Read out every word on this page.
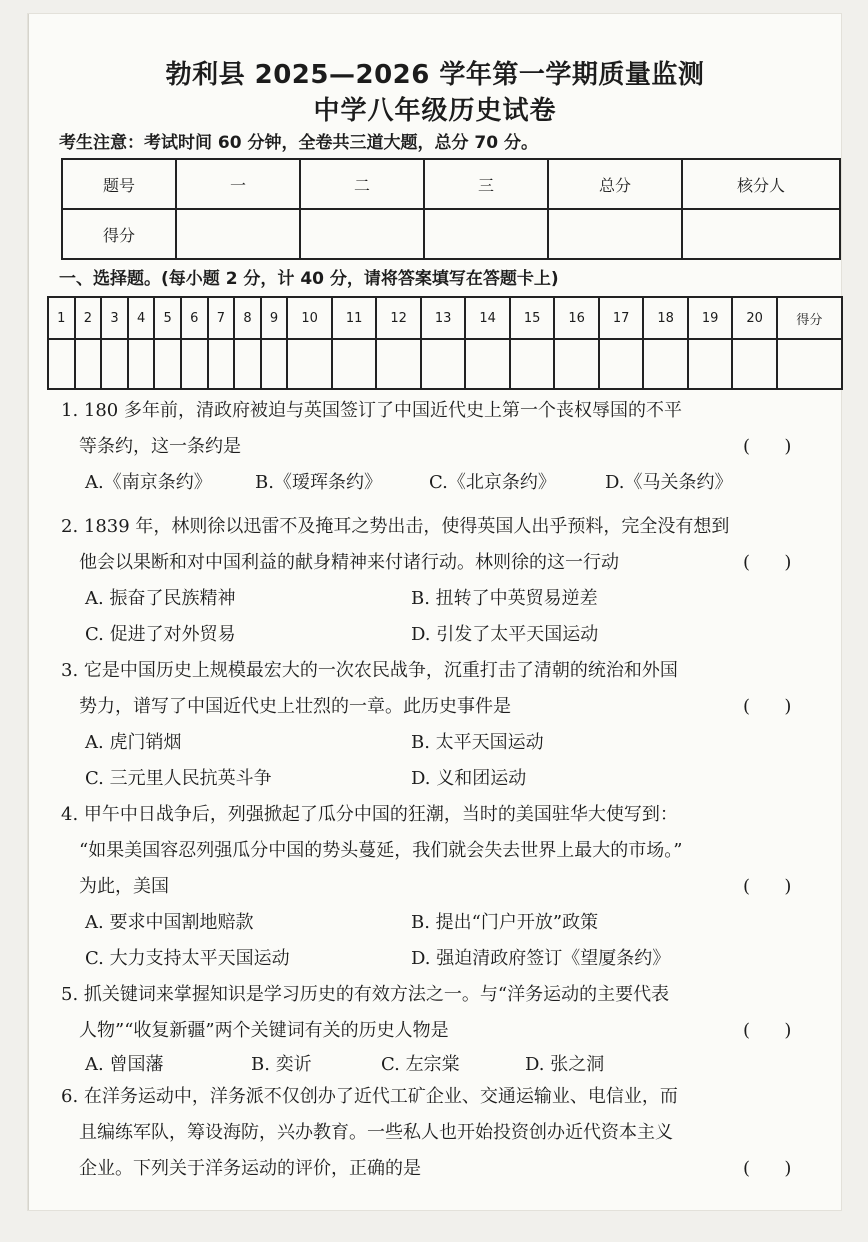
勃利县 2025—2026 学年第一学期质量监测
中学八年级历史试卷
考生注意：考试时间 60 分钟，全卷共三道大题，总分 70 分。
题号	一	二	三	总分	核分人
得分					
一、选择题。(每小题 2 分，计 40 分，请将答案填写在答题卡上)
1	2	3	4	5	6	7	8	9	10	11	12	13	14	15	16	17	18	19	20	得分

1. 180 多年前，清政府被迫与英国签订了中国近代史上第一个丧权辱国的不平
等条约，这一条约是	(      )
A.《南京条约》 B.《瑷珲条约》	C.《北京条约》	D.《马关条约》
2. 1839 年，林则徐以迅雷不及掩耳之势出击，使得英国人出乎预料，完全没有想到
他会以果断和对中国利益的献身精神来付诸行动。林则徐的这一行动	(      )
A. 振奋了民族精神	B. 扭转了中英贸易逆差
C. 促进了对外贸易	D. 引发了太平天国运动
3. 它是中国历史上规模最宏大的一次农民战争，沉重打击了清朝的统治和外国
势力，谱写了中国近代史上壮烈的一章。此历史事件是	(      )
A. 虎门销烟	B. 太平天国运动
C. 三元里人民抗英斗争	D. 义和团运动
4. 甲午中日战争后，列强掀起了瓜分中国的狂潮，当时的美国驻华大使写到：
“如果美国容忍列强瓜分中国的势头蔓延，我们就会失去世界上最大的市场。”
为此，美国	(      )
A. 要求中国割地赔款	B. 提出“门户开放”政策
C. 大力支持太平天国运动	D. 强迫清政府签订《望厦条约》
5. 抓关键词来掌握知识是学习历史的有效方法之一。与“洋务运动的主要代表
人物”“收复新疆”两个关键词有关的历史人物是	(      )
A. 曾国藩	B. 奕䜣	C. 左宗棠	D. 张之洞
6. 在洋务运动中，洋务派不仅创办了近代工矿企业、交通运输业、电信业，而
且编练军队，筹设海防，兴办教育。一些私人也开始投资创办近代资本主义
企业。下列关于洋务运动的评价，正确的是	(      )
